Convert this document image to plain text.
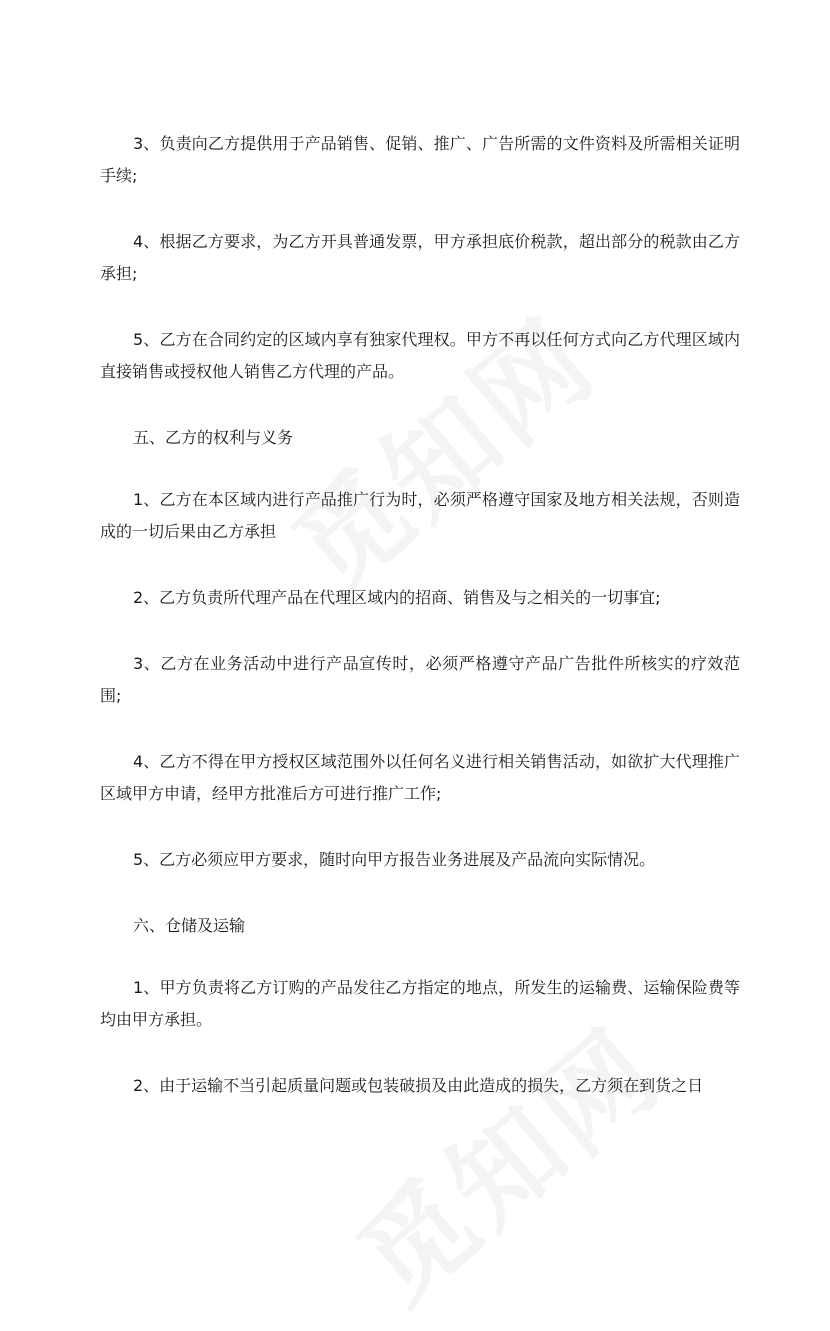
3、负责向乙方提供用于产品销售、促销、推广、广告所需的文件资料及所需相关证明手续;

4、根据乙方要求，为乙方开具普通发票，甲方承担底价税款，超出部分的税款由乙方承担;

5、乙方在合同约定的区域内享有独家代理权。甲方不再以任何方式向乙方代理区域内直接销售或授权他人销售乙方代理的产品。

五、乙方的权利与义务

1、乙方在本区域内进行产品推广行为时，必须严格遵守国家及地方相关法规，否则造成的一切后果由乙方承担

2、乙方负责所代理产品在代理区域内的招商、销售及与之相关的一切事宜;

3、乙方在业务活动中进行产品宣传时，必须严格遵守产品广告批件所核实的疗效范围;

4、乙方不得在甲方授权区域范围外以任何名义进行相关销售活动，如欲扩大代理推广区域甲方申请，经甲方批准后方可进行推广工作;

5、乙方必须应甲方要求，随时向甲方报告业务进展及产品流向实际情况。

六、仓储及运输

1、甲方负责将乙方订购的产品发往乙方指定的地点，所发生的运输费、运输保险费等均由甲方承担。

2、由于运输不当引起质量问题或包装破损及由此造成的损失，乙方须在到货之日
